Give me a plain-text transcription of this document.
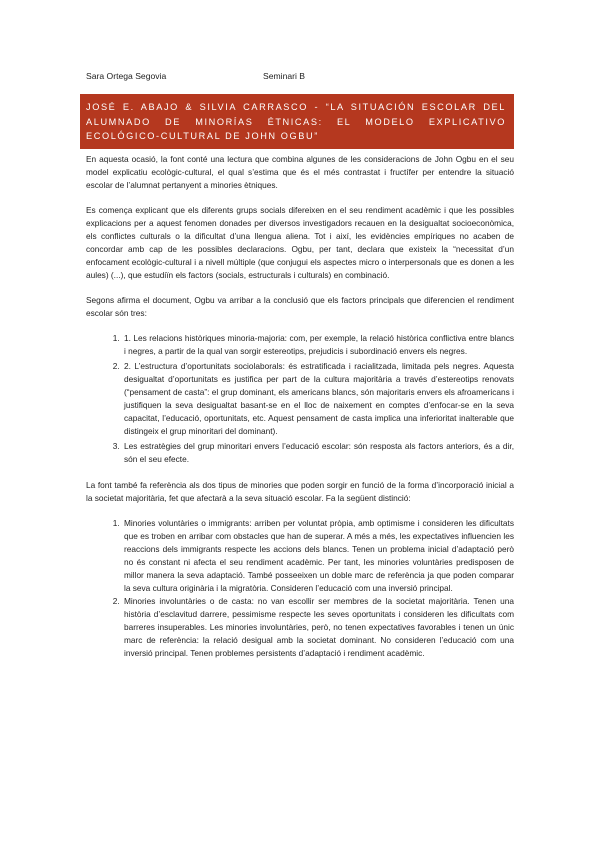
Sara Ortega Segovia	Seminari B
JOSÉ E. ABAJO & SILVIA CARRASCO - “LA SITUACIÓN ESCOLAR DEL ALUMNADO DE MINORÍAS ÉTNICAS: EL MODELO EXPLICATIVO ECOLÓGICO-CULTURAL DE JOHN OGBU”

En aquesta ocasió, la font conté una lectura que combina algunes de les consideracions de John Ogbu en el seu model explicatiu ecològic-cultural, el qual s’estima que és el més contrastat i fructífer per entendre la situació escolar de l’alumnat pertanyent a minories ètniques.

Es comença explicant que els diferents grups socials difereixen en el seu rendiment acadèmic i que les possibles explicacions per a aquest fenomen donades per diversos investigadors recauen en la desigualtat socioeconòmica, els conflictes culturals o la dificultat d’una llengua aliena. Tot i així, les evidències empíriques no acaben de concordar amb cap de les possibles declaracions. Ogbu, per tant, declara que existeix la “necessitat d’un enfocament ecològic-cultural i a nivell múltiple (que conjugui els aspectes micro o interpersonals que es donen a les aules) (...), que estudiïn els factors (socials, estructurals i culturals) en combinació.

Segons afirma el document, Ogbu va arribar a la conclusió que els factors principals que diferencien el rendiment escolar són tres:

1. 1. Les relacions històriques minoria-majoria: com, per exemple, la relació històrica conflictiva entre blancs i negres, a partir de la qual van sorgir estereotips, prejudicis i subordinació envers els negres.
2. 2. L’estructura d’oportunitats sociolaborals: és estratificada i racialitzada, limitada pels negres. Aquesta desigualtat d’oportunitats es justifica per part de la cultura majoritària a través d’estereotips renovats (“pensament de casta”: el grup dominant, els americans blancs, són majoritaris envers els afroamericans i justifiquen la seva desigualtat basant-se en el lloc de naixement en comptes d’enfocar-se en la seva capacitat, l’educació, oportunitats, etc. Aquest pensament de casta implica una inferioritat inalterable que distingeix el grup minoritari del dominant).
3. Les estratègies del grup minoritari envers l’educació escolar: són resposta als factors anteriors, és a dir, són el seu efecte.

La font també fa referència als dos tipus de minories que poden sorgir en funció de la forma d’incorporació inicial a la societat majoritària, fet que afectarà a la seva situació escolar. Fa la següent distinció:

1. Minories voluntàries o immigrants: arriben per voluntat pròpia, amb optimisme i consideren les dificultats que es troben en arribar com obstacles que han de superar. A més a més, les expectatives influencien les reaccions dels immigrants respecte les accions dels blancs. Tenen un problema inicial d’adaptació però no és constant ni afecta el seu rendiment acadèmic. Per tant, les minories voluntàries predisposen de millor manera la seva adaptació. També posseeixen un doble marc de referència ja que poden comparar la seva cultura originària i la migratòria. Consideren l’educació com una inversió principal.
2. Minories involuntàries o de casta: no van escollir ser membres de la societat majoritària. Tenen una història d’esclavitud darrere, pessimisme respecte les seves oportunitats i consideren les dificultats com barreres insuperables. Les minories involuntàries, però, no tenen expectatives favorables i tenen un únic marc de referència: la relació desigual amb la societat dominant. No consideren l’educació com una inversió principal. Tenen problemes persistents d’adaptació i rendiment acadèmic.
